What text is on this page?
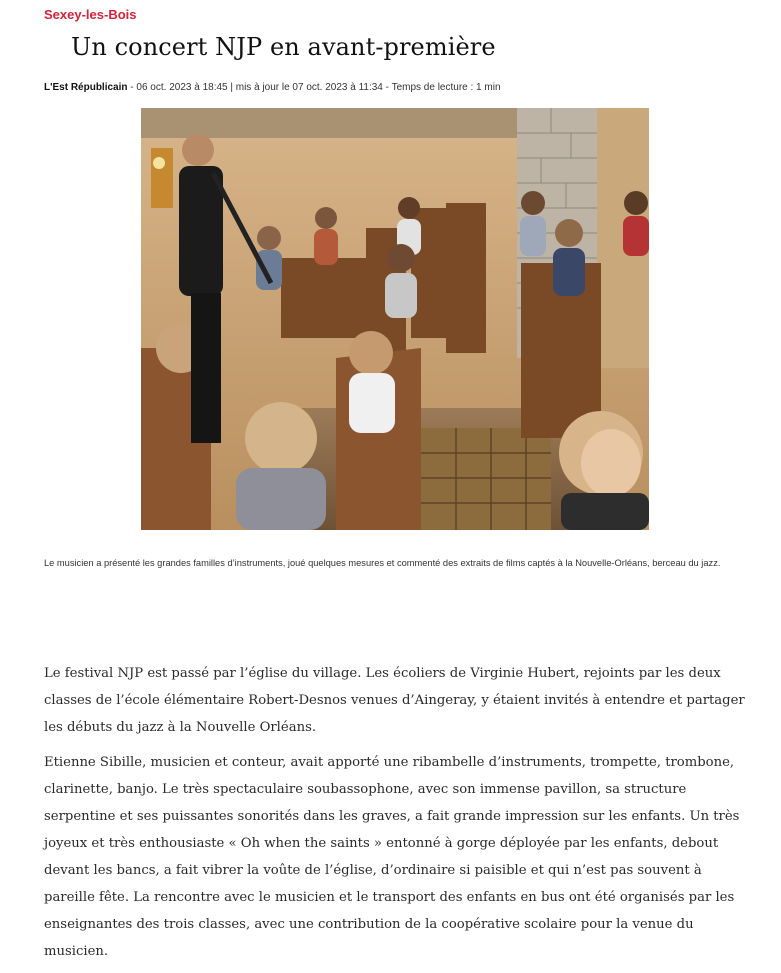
Sexey-les-Bois
Un concert NJP en avant-première
L'Est Républicain - 06 oct. 2023 à 18:45 | mis à jour le 07 oct. 2023 à 11:34 - Temps de lecture : 1 min
Le musicien a présenté les grandes familles d’instruments, joué quelques mesures et commenté des extraits de films captés à la Nouvelle-Orléans, berceau du jazz.

Le festival NJP est passé par l’église du village. Les écoliers de Virginie Hubert, rejoints par les deux classes de l’école élémentaire Robert-Desnos venues d’Aingeray, y étaient invités à entendre et partager les débuts du jazz à la Nouvelle Orléans.

Etienne Sibille, musicien et conteur, avait apporté une ribambelle d’instruments, trompette, trombone, clarinette, banjo. Le très spectaculaire soubassophone, avec son immense pavillon, sa structure serpentine et ses puissantes sonorités dans les graves, a fait grande impression sur les enfants. Un très joyeux et très enthousiaste « Oh when the saints » entonné à gorge déployée par les enfants, debout devant les bancs, a fait vibrer la voûte de l’église, d’ordinaire si paisible et qui n’est pas souvent à pareille fête. La rencontre avec le musicien et le transport des enfants en bus ont été organisés par les enseignantes des trois classes, avec une contribution de la coopérative scolaire pour la venue du musicien.
